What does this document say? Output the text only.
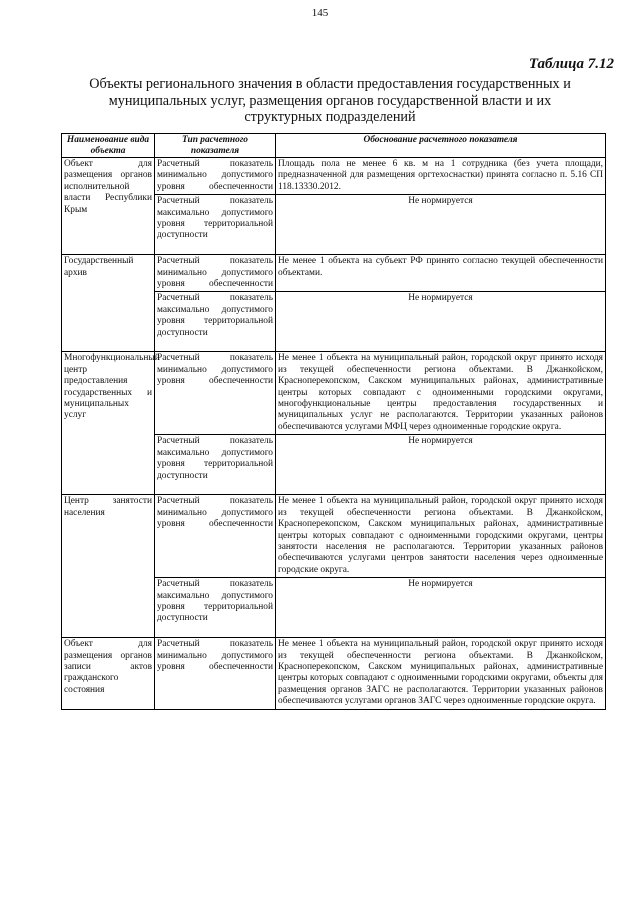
145
Таблица 7.12
Объекты регионального значения в области предоставления государственных и
муниципальных услуг, размещения органов государственной власти и их
структурных подразделений
Наименование вида объекта	Тип расчетного показателя	Обоснование расчетного показателя
Объект для размещения органов исполнительной власти Республики Крым	Расчетный показатель минимально допустимого уровня обеспеченности	Площадь пола не менее 6 кв. м на 1 сотрудника (без учета площади, предназначенной для размещения оргтехоснастки) принята согласно п. 5.16 СП 118.13330.2012.
	Расчетный показатель максимально допустимого уровня территориальной доступности	Не нормируется
Государственный архив	Расчетный показатель минимально допустимого уровня обеспеченности	Не менее 1 объекта на субъект РФ принято согласно текущей обеспеченности объектами.
	Расчетный показатель максимально допустимого уровня территориальной доступности	Не нормируется
Многофункциональный центр предоставления государственных и муниципальных услуг	Расчетный показатель минимально допустимого уровня обеспеченности	Не менее 1 объекта на муниципальный район, городской округ принято исходя из текущей обеспеченности региона объектами. В Джанкойском, Красноперекопском, Сакском муниципальных районах, административные центры которых совпадают с одноименными городскими округами, многофункциональные центры предоставления государственных и муниципальных услуг не располагаются. Территории указанных районов обеспечиваются услугами МФЦ через одноименные городские округа.
	Расчетный показатель максимально допустимого уровня территориальной доступности	Не нормируется
Центр занятости населения	Расчетный показатель минимально допустимого уровня обеспеченности	Не менее 1 объекта на муниципальный район, городской округ принято исходя из текущей обеспеченности региона объектами. В Джанкойском, Красноперекопском, Сакском муниципальных районах, административные центры которых совпадают с одноименными городскими округами, центры занятости населения не располагаются. Территории указанных районов обеспечиваются услугами центров занятости населения через одноименные городские округа.
	Расчетный показатель максимально допустимого уровня территориальной доступности	Не нормируется
Объект для размещения органов записи актов гражданского состояния	Расчетный показатель минимально допустимого уровня обеспеченности	Не менее 1 объекта на муниципальный район, городской округ принято исходя из текущей обеспеченности региона объектами. В Джанкойском, Красноперекопском, Сакском муниципальных районах, административные центры которых совпадают с одноименными городскими округами, объекты для размещения органов ЗАГС не располагаются. Территории указанных районов обеспечиваются услугами органов ЗАГС через одноименные городские округа.
